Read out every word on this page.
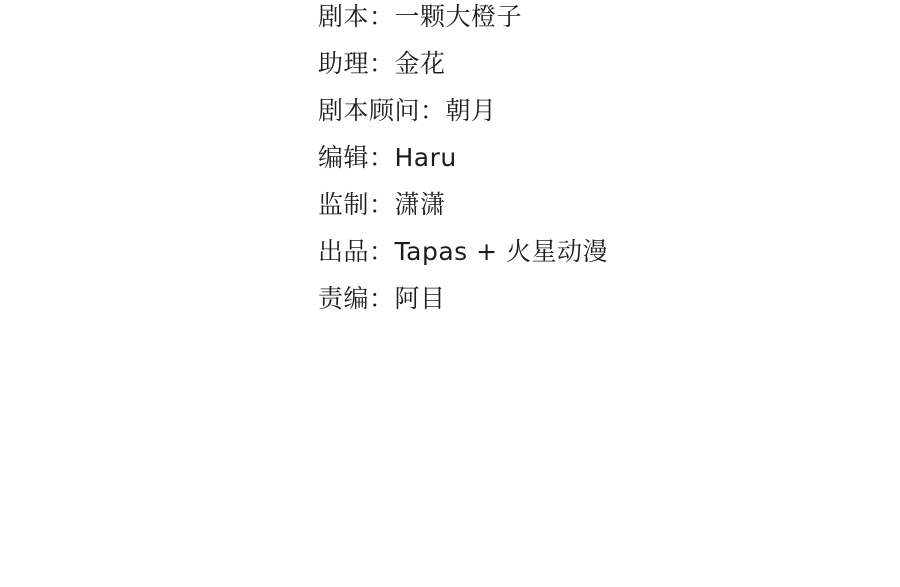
剧本：一颗大橙子
助理：金花
剧本顾问：朝月
编辑：Haru
监制：潇潇
出品：Tapas + 火星动漫
责编：阿目
